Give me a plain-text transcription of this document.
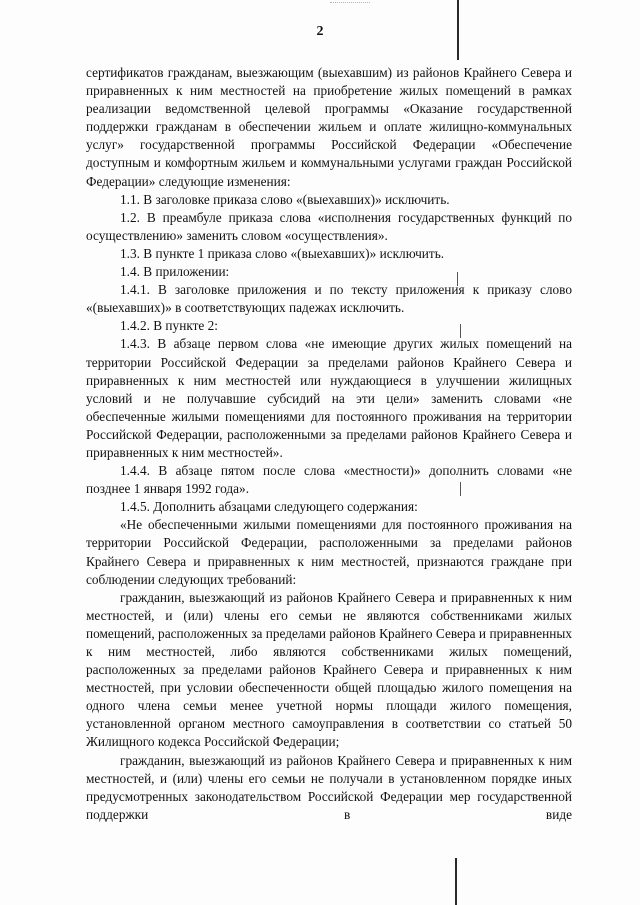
2

сертификатов гражданам, выезжающим (выехавшим) из районов Крайнего Севера и приравненных к ним местностей на приобретение жилых помещений в рамках реализации ведомственной целевой программы «Оказание государственной поддержки гражданам в обеспечении жильем и оплате жилищно-коммунальных услуг» государственной программы Российской Федерации «Обеспечение доступным и комфортным жильем и коммунальными услугами граждан Российской Федерации» следующие изменения:

1.1. В заголовке приказа слово «(выехавших)» исключить.

1.2. В преамбуле приказа слова «исполнения государственных функций по осуществлению» заменить словом «осуществления».

1.3. В пункте 1 приказа слово «(выехавших)» исключить.

1.4. В приложении:

1.4.1. В заголовке приложения и по тексту приложения к приказу слово «(выехавших)» в соответствующих падежах исключить.

1.4.2. В пункте 2:

1.4.3. В абзаце первом слова «не имеющие других жилых помещений на территории Российской Федерации за пределами районов Крайнего Севера и приравненных к ним местностей или нуждающиеся в улучшении жилищных условий и не получавшие субсидий на эти цели» заменить словами «не обеспеченные жилыми помещениями для постоянного проживания на территории Российской Федерации, расположенными за пределами районов Крайнего Севера и приравненных к ним местностей».

1.4.4. В абзаце пятом после слова «местности)» дополнить словами «не позднее 1 января 1992 года».

1.4.5. Дополнить абзацами следующего содержания:

«Не обеспеченными жилыми помещениями для постоянного проживания на территории Российской Федерации, расположенными за пределами районов Крайнего Севера и приравненных к ним местностей, признаются граждане при соблюдении следующих требований:

гражданин, выезжающий из районов Крайнего Севера и приравненных к ним местностей, и (или) члены его семьи не являются собственниками жилых помещений, расположенных за пределами районов Крайнего Севера и приравненных к ним местностей, либо являются собственниками жилых помещений, расположенных за пределами районов Крайнего Севера и приравненных к ним местностей, при условии обеспеченности общей площадью жилого помещения на одного члена семьи менее учетной нормы площади жилого помещения, установленной органом местного самоуправления в соответствии со статьей 50 Жилищного кодекса Российской Федерации;

гражданин, выезжающий из районов Крайнего Севера и приравненных к ним местностей, и (или) члены его семьи не получали в установленном порядке иных предусмотренных законодательством Российской Федерации мер государственной поддержки в виде
